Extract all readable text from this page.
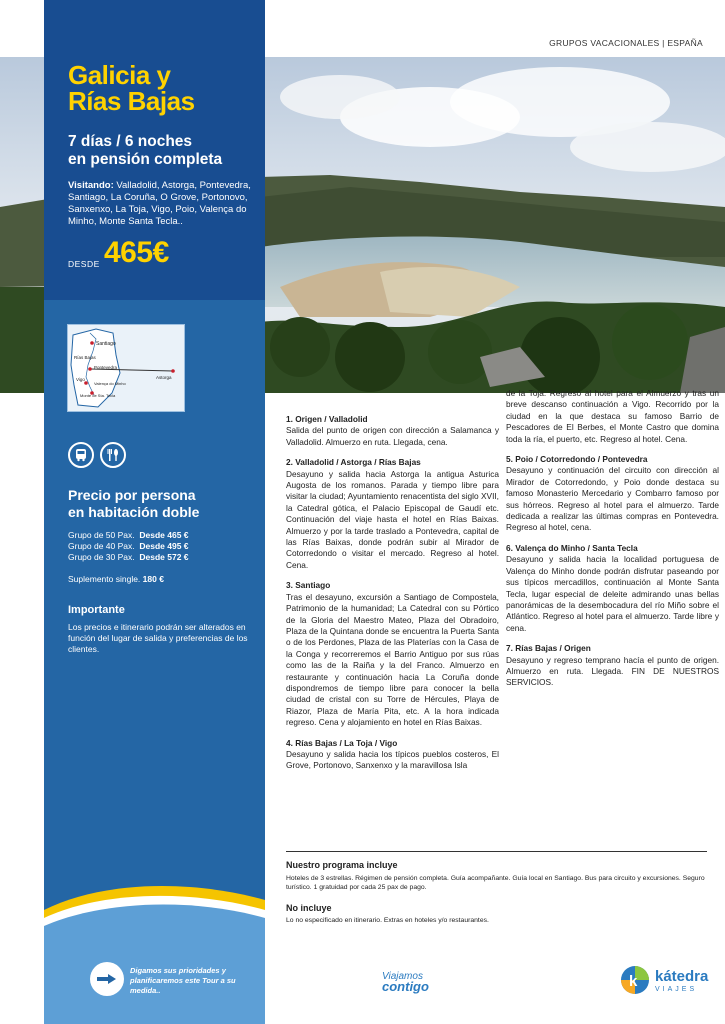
GRUPOS VACACIONALES | ESPAÑA
Galicia y
Rías Bajas
7 días / 6 noches
en pensión completa
Visitando: Valladolid, Astorga, Pontevedra, Santiago, La Coruña, O Grove, Portonovo, Sanxenxo, La Toja, Vigo, Poio, Valença do Minho, Monte Santa Tecla..
DESDE 465€
Santiago
Rías Bajas
Pontevedra
Vigo
Valença do Minho
Monte de Sta. Tecla
Astorga
Precio por persona
en habitación doble
Grupo de 50 Pax. Desde 465 €
Grupo de 40 Pax. Desde 495 €
Grupo de 30 Pax. Desde 572 €
Suplemento single. 180 €
Importante
Los precios e itinerario podrán ser alterados en función del lugar de salida y preferencias de los clientes.
Digamos sus prioridades y planificaremos este Tour a su medida..
1. Origen / Valladolid
Salida del punto de origen con dirección a Salamanca y Valladolid. Almuerzo en ruta. Llegada, cena.
2. Valladolid / Astorga / Rías Bajas
Desayuno y salida hacia Astorga la antigua Asturica Augosta de los romanos. Parada y tiempo libre para visitar la ciudad; Ayuntamiento renacentista del siglo XVII, la Catedral gótica, el Palacio Episcopal de Gaudí etc. Continuación del viaje hasta el hotel en Rías Baixas. Almuerzo y por la tarde traslado a Pontevedra, capital de las Rías Baixas, donde podrán subir al Mirador de Cotorredondo o visitar el mercado. Regreso al hotel. Cena.
3. Santiago
Tras el desayuno, excursión a Santiago de Compostela, Patrimonio de la humanidad; La Catedral con su Pórtico de la Gloria del Maestro Mateo, Plaza del Obradoiro, Plaza de la Quintana donde se encuentra la Puerta Santa o de los Perdones, Plaza de las Platerías con la Casa de la Conga y recorreremos el Barrio Antiguo por sus rúas como las de la Raiña y la del Franco. Almuerzo en restaurante y continuación hacia La Coruña donde dispondremos de tiempo libre para conocer la bella ciudad de cristal con su Torre de Hércules, Playa de Riazor, Plaza de María Pita, etc. A la hora indicada regreso. Cena y alojamiento en hotel en Rías Baixas.
4. Rías Bajas / La Toja / Vigo
Desayuno y salida hacia los típicos pueblos costeros, El Grove, Portonovo, Sanxenxo y la maravillosa Isla
de la Toja. Regreso al hotel para el Almuerzo y tras un breve descanso continuación a Vigo. Recorrido por la ciudad en la que destaca su famoso Barrio de Pescadores de El Berbes, el Monte Castro que domina toda la ría, el puerto, etc. Regreso al hotel. Cena.
5. Poio / Cotorredondo / Pontevedra
Desayuno y continuación del circuito con dirección al Mirador de Cotorredondo, y Poio donde destaca su famoso Monasterio Mercedario y Combarro famoso por sus hórreos. Regreso al hotel para el almuerzo. Tarde dedicada a realizar las últimas compras en Pontevedra. Regreso al hotel, cena.
6. Valença do Minho / Santa Tecla
Desayuno y salida hacia la localidad portuguesa de Valença do Minho donde podrán disfrutar paseando por sus típicos mercadillos, continuación al Monte Santa Tecla, lugar especial de deleite admirando unas bellas panorámicas de la desembocadura del río Miño sobre el Atlántico. Regreso al hotel para el almuerzo. Tarde libre y cena.
7. Rías Bajas / Origen
Desayuno y regreso temprano hacía el punto de origen. Almuerzo en ruta. Llegada. FIN DE NUESTROS SERVICIOS.
Nuestro programa incluye
Hoteles de 3 estrellas. Régimen de pensión completa. Guía acompañante. Guía local en Santiago. Bus para circuito y excursiones. Seguro turístico. 1 gratuidad por cada 25 pax de pago.
No incluye
Lo no especificado en itinerario. Extras en hoteles y/o restaurantes.
Viajamos
contigo	k kátedra
VIAJES
